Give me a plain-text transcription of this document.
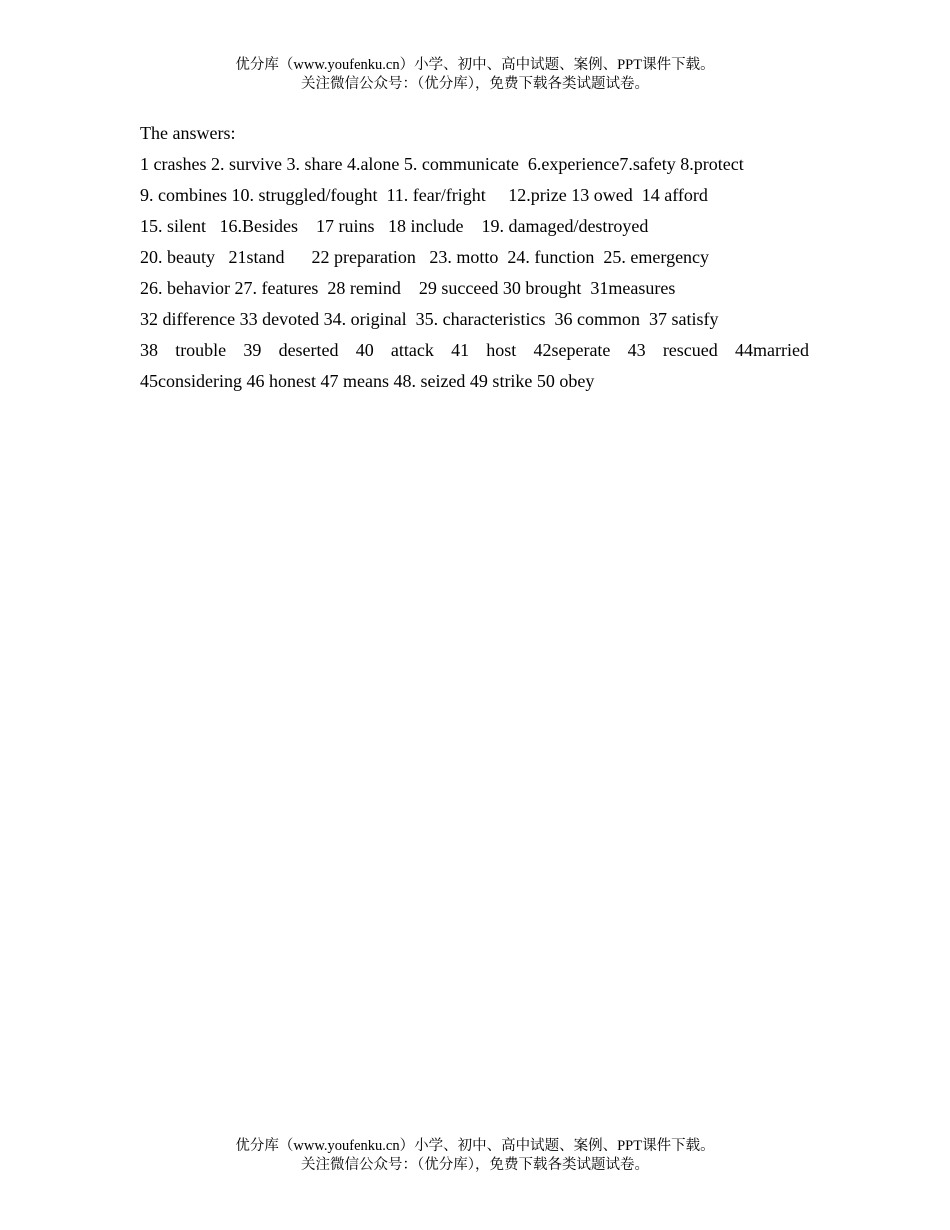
优分库（www.youfenku.cn）小学、初中、高中试题、案例、PPT课件下载。
关注微信公众号：（优分库），免费下载各类试题试卷。
The answers:
1 crashes 2. survive 3. share 4.alone 5. communicate  6.experience7.safety 8.protect
9. combines 10. struggled/fought  11. fear/fright     12.prize 13 owed  14 afford
15. silent   16.Besides    17 ruins   18 include    19. damaged/destroyed
20. beauty   21stand      22 preparation   23. motto  24. function  25. emergency
26. behavior 27. features  28 remind    29 succeed 30 brought  31measures
32 difference 33 devoted 34. original  35. characteristics  36 common  37 satisfy
38 trouble 39 deserted 40 attack 41 host 42seperate 43 rescued 44married
45considering 46 honest 47 means 48. seized 49 strike 50 obey
优分库（www.youfenku.cn）小学、初中、高中试题、案例、PPT课件下载。
关注微信公众号：（优分库），免费下载各类试题试卷。
